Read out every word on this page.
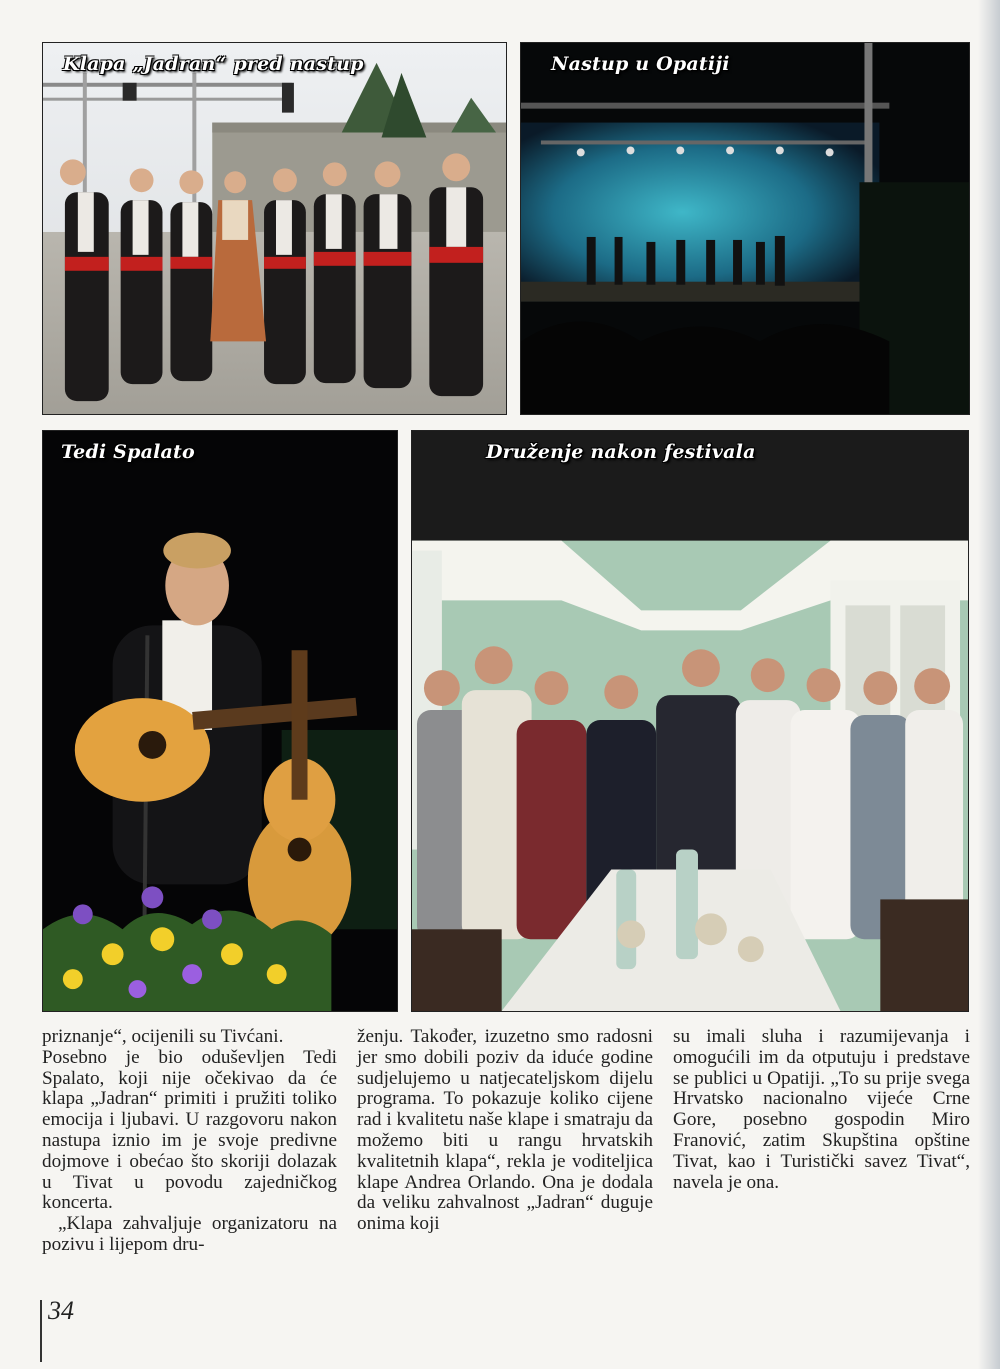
Klapa „Jadran“ pred nastup	Nastup u Opatiji
Tedi Spalato	Druženje nakon festivala

priznanje“, ocijenili su Tivćani.

Posebno je bio oduševljen Tedi Spalato, koji nije očekivao da će klapa „Jadran“ primiti i pružiti toliko emocija i ljubavi. U razgovoru nakon nastupa iznio im je svoje predivne dojmove i obećao što skoriji dolazak u Tivat u povodu zajedničkog koncerta.

„Klapa zahvaljuje organizatoru na pozivu i lijepom dru-

ženju. Također, izuzetno smo radosni jer smo dobili poziv da iduće godine sudjelujemo u natjecateljskom dijelu programa. To pokazuje koliko cijene rad i kvalitetu naše klape i smatraju da možemo biti u rangu hrvatskih kvalitetnih klapa“, rekla je voditeljica klape Andrea Orlando. Ona je dodala da veliku zahvalnost „Jadran“ duguje onima koji

su imali sluha i razumijevanja i omogućili im da otputuju i predstave se publici u Opatiji. „To su prije svega Hrvatsko nacionalno vijeće Crne Gore, posebno gospodin Miro Franović, zatim Skupština opštine Tivat, kao i Turistički savez Tivat“, navela je ona.

34
